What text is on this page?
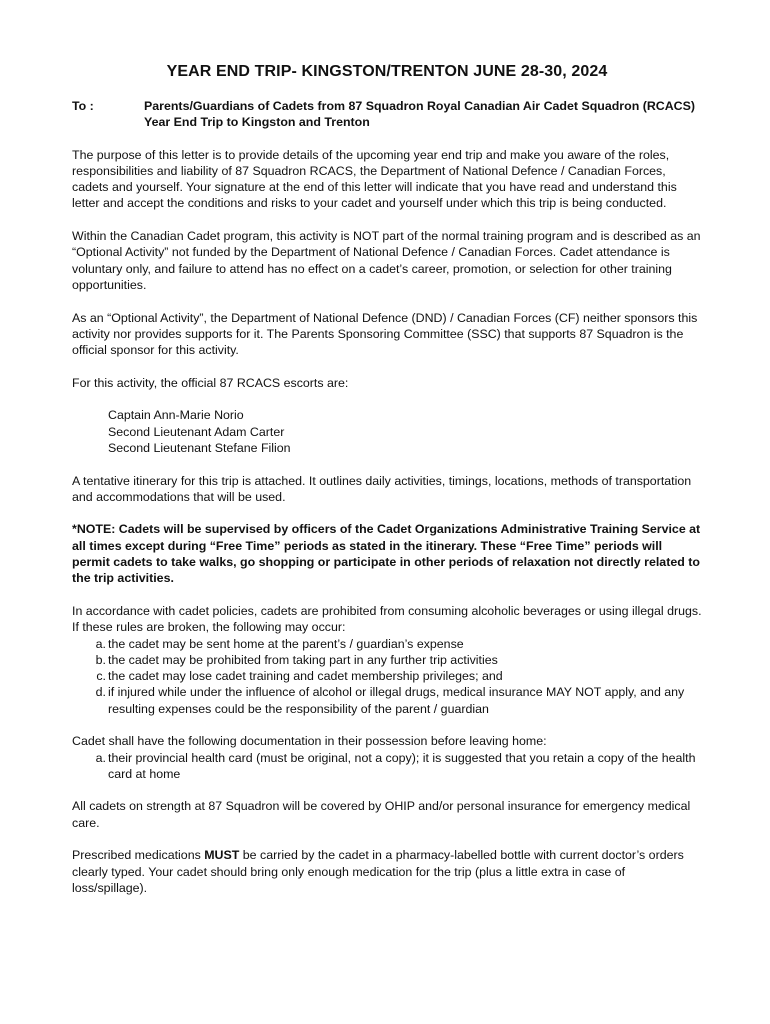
YEAR END TRIP- KINGSTON/TRENTON JUNE 28-30, 2024
To :	Parents/Guardians of Cadets from 87 Squadron Royal Canadian Air Cadet Squadron (RCACS) Year End Trip to Kingston and Trenton

The purpose of this letter is to provide details of the upcoming year end trip and make you aware of the roles, responsibilities and liability of 87 Squadron RCACS, the Department of National Defence / Canadian Forces, cadets and yourself. Your signature at the end of this letter will indicate that you have read and understand this letter and accept the conditions and risks to your cadet and yourself under which this trip is being conducted.

Within the Canadian Cadet program, this activity is NOT part of the normal training program and is described as an “Optional Activity” not funded by the Department of National Defence / Canadian Forces. Cadet attendance is voluntary only, and failure to attend has no effect on a cadet’s career, promotion, or selection for other training opportunities.

As an “Optional Activity”, the Department of National Defence (DND) / Canadian Forces (CF) neither sponsors this activity nor provides supports for it. The Parents Sponsoring Committee (SSC) that supports 87 Squadron is the official sponsor for this activity.

For this activity, the official 87 RCACS escorts are:

Captain Ann-Marie Norio
Second Lieutenant Adam Carter
Second Lieutenant Stefane Filion

A tentative itinerary for this trip is attached. It outlines daily activities, timings, locations, methods of transportation and accommodations that will be used.

*NOTE: Cadets will be supervised by officers of the Cadet Organizations Administrative Training Service at all times except during “Free Time” periods as stated in the itinerary. These “Free Time” periods will permit cadets to take walks, go shopping or participate in other periods of relaxation not directly related to the trip activities.

In accordance with cadet policies, cadets are prohibited from consuming alcoholic beverages or using illegal drugs. If these rules are broken, the following may occur:

a. the cadet may be sent home at the parent’s / guardian’s expense
b. the cadet may be prohibited from taking part in any further trip activities
c. the cadet may lose cadet training and cadet membership privileges; and
d. if injured while under the influence of alcohol or illegal drugs, medical insurance MAY NOT apply, and any resulting expenses could be the responsibility of the parent / guardian

Cadet shall have the following documentation in their possession before leaving home:

a. their provincial health card (must be original, not a copy); it is suggested that you retain a copy of the health card at home

All cadets on strength at 87 Squadron will be covered by OHIP and/or personal insurance for emergency medical care.

Prescribed medications MUST be carried by the cadet in a pharmacy-labelled bottle with current doctor’s orders clearly typed. Your cadet should bring only enough medication for the trip (plus a little extra in case of loss/spillage).
